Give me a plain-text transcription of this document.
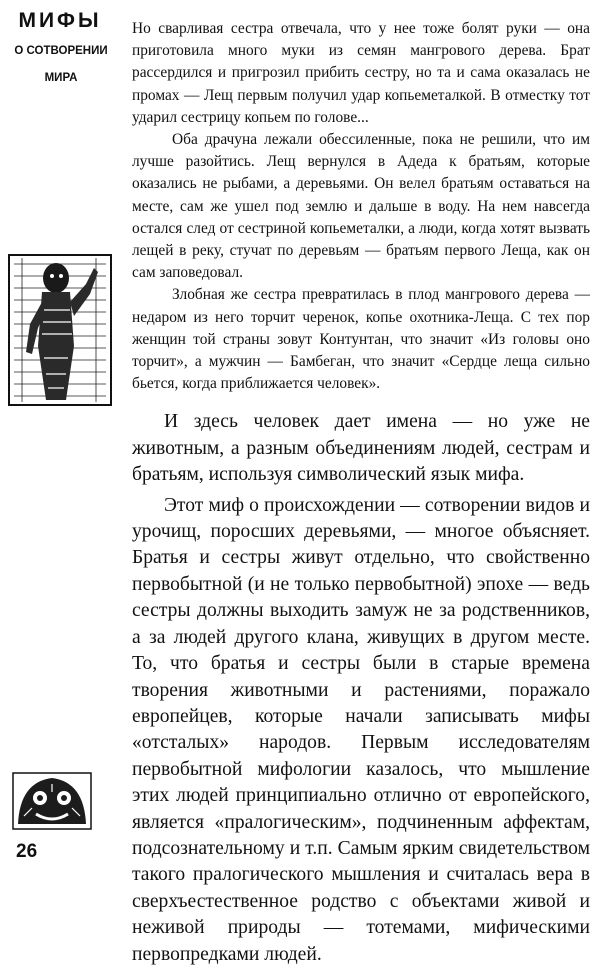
МИФЫ
О СОТВОРЕНИИ
МИРА
26

Но сварливая сестра отвечала, что у нее тоже болят руки — она приготовила много муки из семян мангрового дерева. Брат рассердился и пригрозил прибить сестру, но та и сама оказалась не промах — Лещ первым получил удар копьеметалкой. В отместку тот ударил сестрицу копьем по голове...

Оба драчуна лежали обессиленные, пока не решили, что им лучше разойтись. Лещ вернулся в Адеда к братьям, которые оказались не рыбами, а деревьями. Он велел братьям оставаться на месте, сам же ушел под землю и дальше в воду. На нем навсегда остался след от сестриной копьеметалки, а люди, когда хотят вызвать лещей в реку, стучат по деревьям — братьям первого Леща, как он сам заповедовал.

Злобная же сестра превратилась в плод мангрового дерева — недаром из него торчит черенок, копье охотника-Леща. С тех пор женщин той страны зовут Контунтан, что значит «Из головы оно торчит», а мужчин — Бамбеган, что значит «Сердце леща сильно бьется, когда приближается человек».

И здесь человек дает имена — но уже не животным, а разным объединениям людей, сестрам и братьям, используя символический язык мифа.

Этот миф о происхождении — сотворении видов и урочищ, поросших деревьями, — многое объясняет. Братья и сестры живут отдельно, что свойственно первобытной (и не только первобытной) эпохе — ведь сестры должны выходить замуж не за родственников, а за людей другого клана, живущих в другом месте. То, что братья и сестры были в старые времена творения животными и растениями, поражало европейцев, которые начали записывать мифы «отсталых» народов. Первым исследователям первобытной мифологии казалось, что мышление этих людей принципиально отлично от европейского, является «пралогическим», подчиненным аффектам, подсознательному и т.п. Самым ярким свидетельством такого пралогического мышления и считалась вера в сверхъестественное родство с объектами живой и неживой природы — тотемами, мифическими первопредками людей.
